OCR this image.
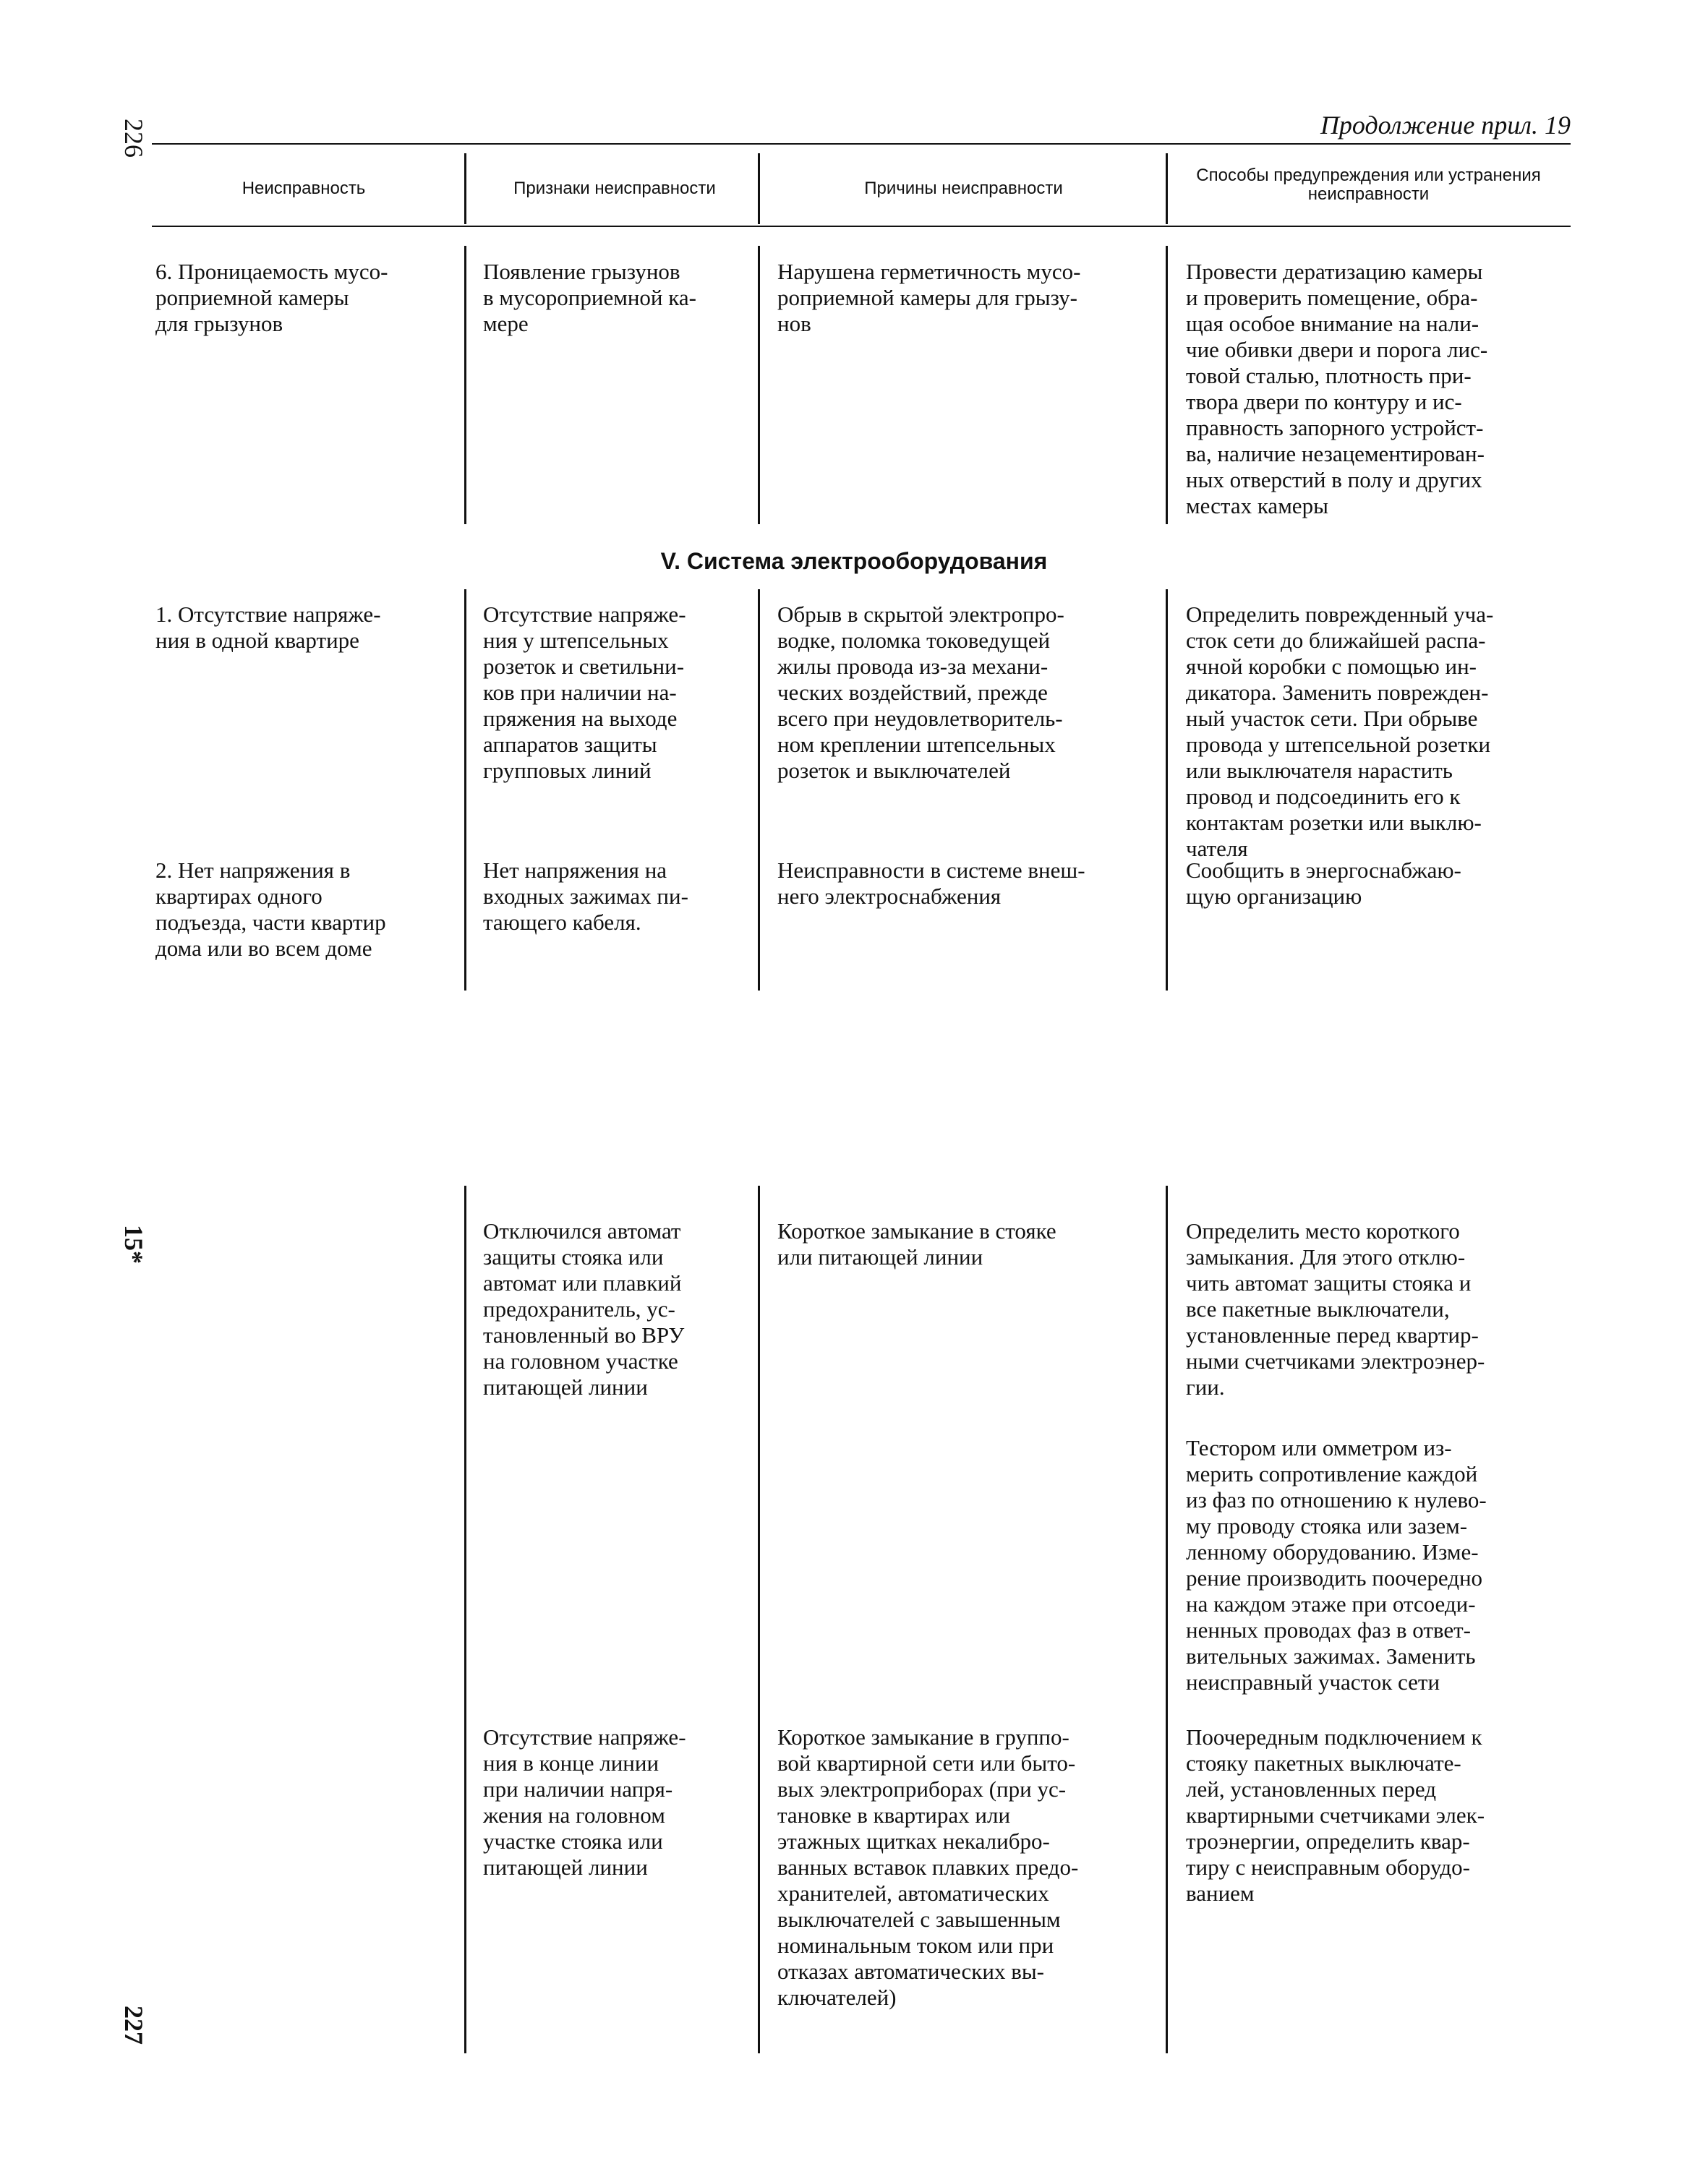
226
15*
227
Продолжение прил. 19
Неисправность	Признаки неисправности	Причины неисправности
Способы предупреждения или устранения неисправности
6. Проницаемость мусо-
роприемной камеры
для грызунов
Появление грызунов
в мусороприемной ка-
мере
Нарушена герметичность мусо-
роприемной камеры для грызу-
нов
Провести дератизацию камеры
и проверить помещение, обра-
щая особое внимание на нали-
чие обивки двери и порога лис-
товой сталью, плотность при-
твора двери по контуру и ис-
правность запорного устройст-
ва, наличие незацементирован-
ных отверстий в полу и других
местах камеры
V. Система электрооборудования
1. Отсутствие напряже-
ния в одной квартире
Отсутствие напряже-
ния у штепсельных
розеток и светильни-
ков при наличии на-
пряжения на выходе
аппаратов защиты
групповых линий
Обрыв в скрытой электропро-
водке, поломка токоведущей
жилы провода из-за механи-
ческих воздействий, прежде
всего при неудовлетворитель-
ном креплении штепсельных
розеток и выключателей
Определить поврежденный уча-
сток сети до ближайшей распа-
ячной коробки с помощью ин-
дикатора. Заменить поврежден-
ный участок сети. При обрыве
провода у штепсельной розетки
или выключателя нарастить
провод и подсоединить его к
контактам розетки или выклю-
чателя
2. Нет напряжения в
квартирах одного
подъезда, части квартир
дома или во всем доме
Нет напряжения на
входных зажимах пи-
тающего кабеля.
Неисправности в системе внеш-
него электроснабжения
Сообщить в энергоснабжаю-
щую организацию
Отключился автомат
защиты стояка или
автомат или плавкий
предохранитель, ус-
тановленный во ВРУ
на головном участке
питающей линии
Короткое замыкание в стояке
или питающей линии
Определить место короткого
замыкания. Для этого отклю-
чить автомат защиты стояка и
все пакетные выключатели,
установленные перед квартир-
ными счетчиками электроэнер-
гии.
Тестором или омметром из-
мерить сопротивление каждой
из фаз по отношению к нулево-
му проводу стояка или зазем-
ленному оборудованию. Изме-
рение производить поочередно
на каждом этаже при отсоеди-
ненных проводах фаз в ответ-
вительных зажимах. Заменить
неисправный участок сети
Отсутствие напряже-
ния в конце линии
при наличии напря-
жения на головном
участке стояка или
питающей линии
Короткое замыкание в группо-
вой квартирной сети или быто-
вых электроприборах (при ус-
тановке в квартирах или
этажных щитках некалибро-
ванных вставок плавких предо-
хранителей, автоматических
выключателей с завышенным
номинальным током или при
отказах автоматических вы-
ключателей)
Поочередным подключением к
стояку пакетных выключате-
лей, установленных перед
квартирными счетчиками элек-
троэнергии, определить квар-
тиру с неисправным оборудо-
ванием
